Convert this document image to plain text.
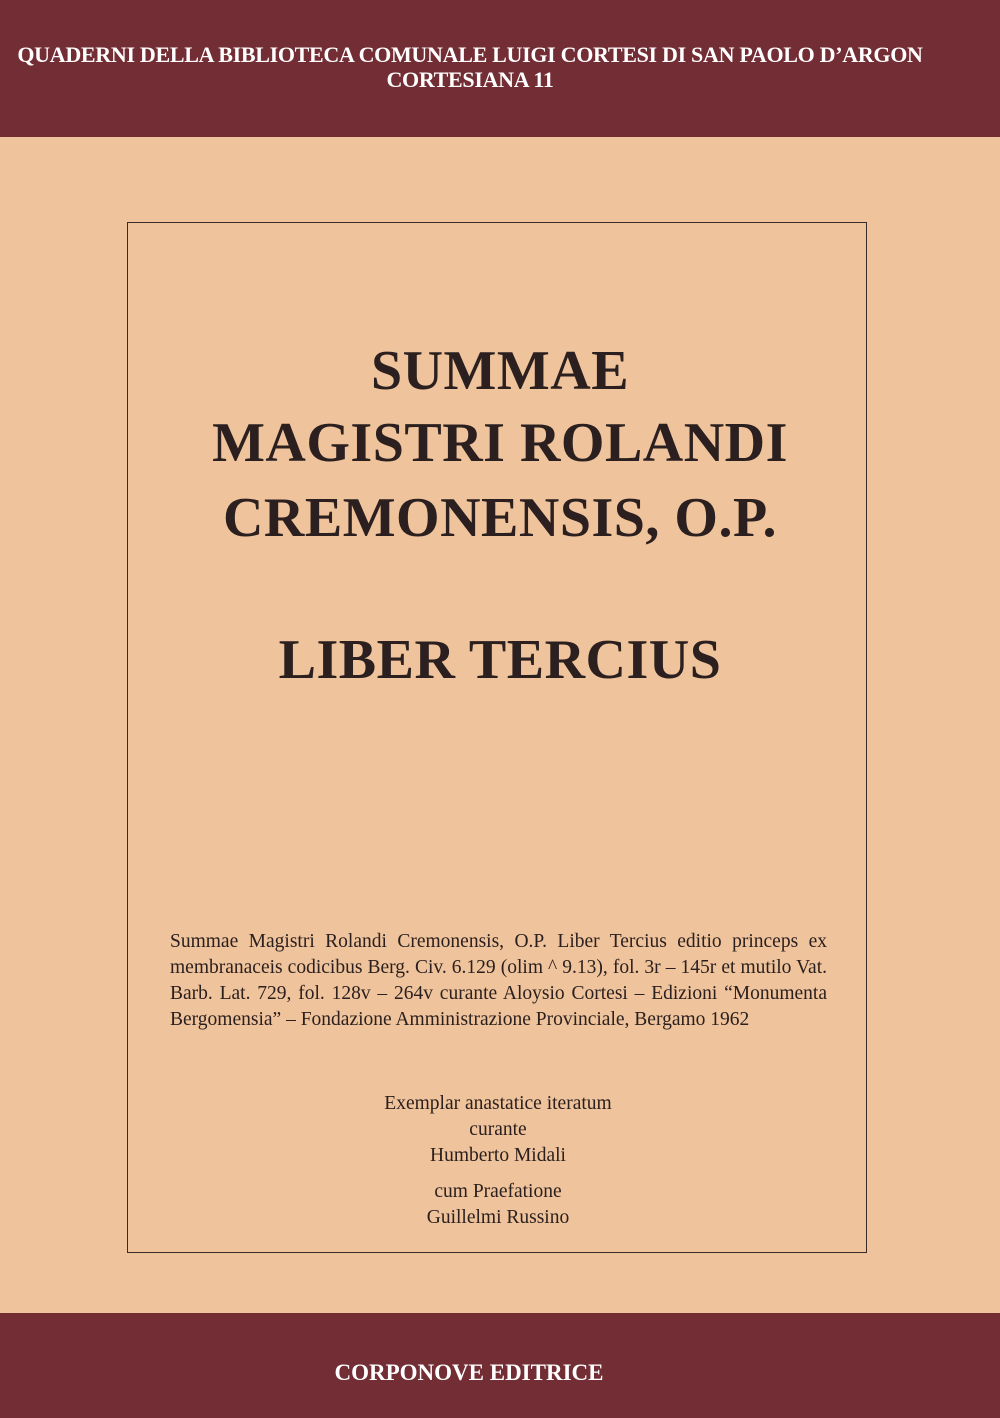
QUADERNI DELLA BIBLIOTECA COMUNALE LUIGI CORTESI DI SAN PAOLO D’ARGON
CORTESIANA 11
SUMMAE
MAGISTRI ROLANDI
CREMONENSIS, O.P.
LIBER TERCIUS
Summae Magistri Rolandi Cremonensis, O.P. Liber Tercius editio princeps ex membranaceis codicibus Berg. Civ. 6.129 (olim ^ 9.13), fol. 3r – 145r et mutilo Vat. Barb. Lat. 729, fol. 128v – 264v curante Aloysio Cortesi – Edizioni “Monumenta Bergomensia” – Fondazione Amministrazione Provinciale, Bergamo 1962
Exemplar anastatice iteratum
curante
Humberto Midali
cum Praefatione
Guillelmi Russino
CORPONOVE EDITRICE
